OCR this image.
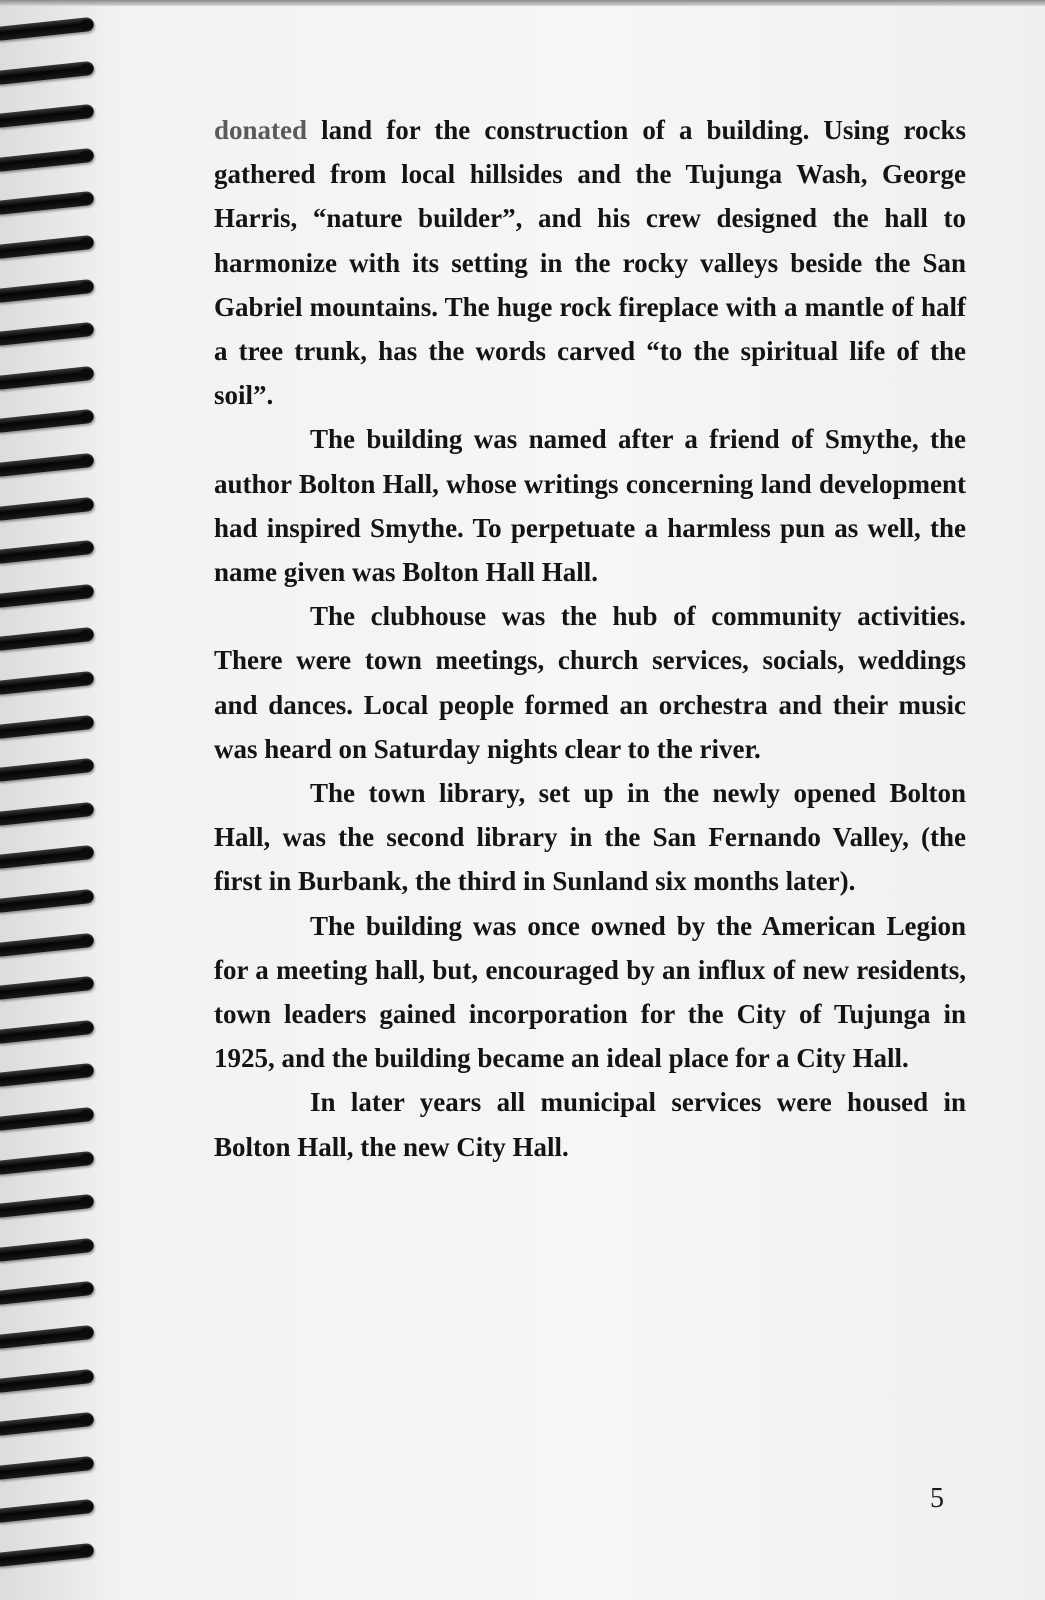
donated land for the construction of a building. Using rocks gathered from local hillsides and the Tujunga Wash, George Harris, “nature builder”, and his crew designed the hall to harmonize with its setting in the rocky valleys beside the San Gabriel mountains. The huge rock fireplace with a mantle of half a tree trunk, has the words carved “to the spiritual life of the soil”.

The building was named after a friend of Smythe, the author Bolton Hall, whose writings concerning land development had inspired Smythe. To perpetuate a harmless pun as well, the name given was Bolton Hall Hall.

The clubhouse was the hub of community activities. There were town meetings, church services, socials, weddings and dances. Local people formed an orchestra and their music was heard on Saturday nights clear to the river.

The town library, set up in the newly opened Bolton Hall, was the second library in the San Fernando Valley, (the first in Burbank, the third in Sunland six months later).

The building was once owned by the American Legion for a meeting hall, but, encouraged by an influx of new residents, town leaders gained incorporation for the City of Tujunga in 1925, and the building became an ideal place for a City Hall.

In later years all municipal services were housed in Bolton Hall, the new City Hall.

5
